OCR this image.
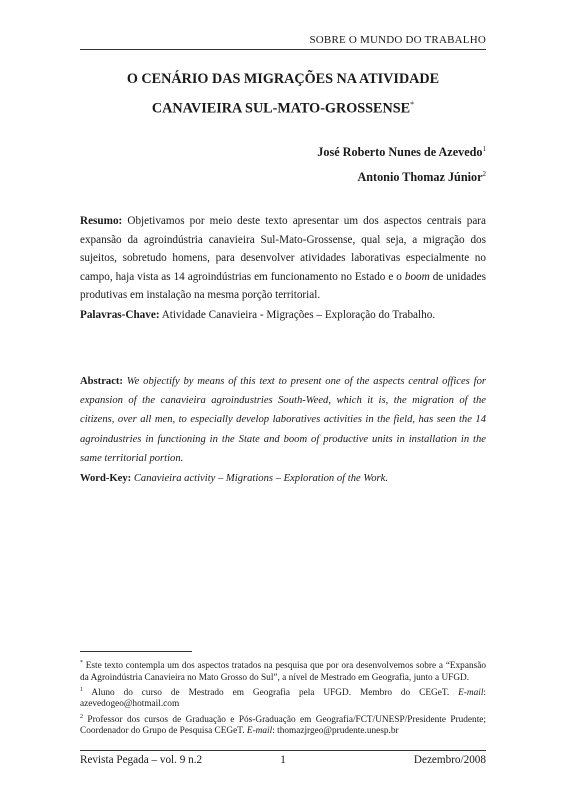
SOBRE O MUNDO DO TRABALHO
O CENÁRIO DAS MIGRAÇÕES NA ATIVIDADE
CANAVIEIRA SUL-MATO-GROSSENSE*
José Roberto Nunes de Azevedo$^1$
Antonio Thomaz Júnior$^2$

Resumo: Objetivamos por meio deste texto apresentar um dos aspectos centrais para expansão da agroindústria canavieira Sul-Mato-Grossense, qual seja, a migração dos sujeitos, sobretudo homens, para desenvolver atividades laborativas especialmente no campo, haja vista as 14 agroindústrias em funcionamento no Estado e o boom de unidades produtivas em instalação na mesma porção territorial.

Palavras-Chave: Atividade Canavieira - Migrações – Exploração do Trabalho.

Abstract: We objectify by means of this text to present one of the aspects central offices for expansion of the canavieira agroindustries South-Weed, which it is, the migration of the citizens, over all men, to especially develop laboratives activities in the field, has seen the 14 agroindustries in functioning in the State and boom of productive units in installation in the same territorial portion.

Word-Key: Canavieira activity – Migrations – Exploration of the Work.

* Este texto contempla um dos aspectos tratados na pesquisa que por ora desenvolvemos sobre a “Expansão da Agroindústria Canavieira no Mato Grosso do Sul”, a nível de Mestrado em Geografia, junto a UFGD.

$^1$ Aluno do curso de Mestrado em Geografia pela UFGD. Membro do CEGeT. E-mail: azevedogeo@hotmail.com

$^2$ Professor dos cursos de Graduação e Pós-Graduação em Geografia/FCT/UNESP/Presidente Prudente; Coordenador do Grupo de Pesquisa CEGeT. E-mail: thomazjrgeo@prudente.unesp.br

Revista Pegada – vol. 9 n.2	1	Dezembro/2008
